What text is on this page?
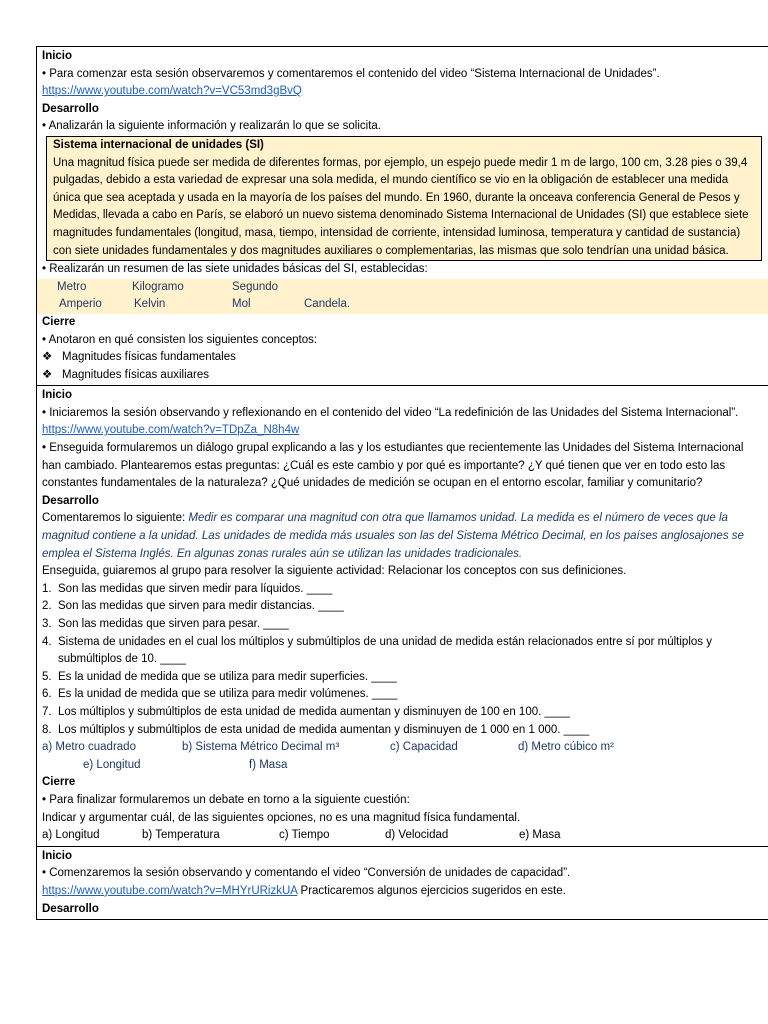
Inicio
• Para comenzar esta sesión observaremos y comentaremos el contenido del video “Sistema Internacional de Unidades”.
https://www.youtube.com/watch?v=VC53md3gBvQ
Desarrollo
• Analizarán la siguiente información y realizarán lo que se solicita.
Sistema internacional de unidades (SI)
Una magnitud física puede ser medida de diferentes formas, por ejemplo, un espejo puede medir 1 m de largo, 100 cm, 3.28 pies o 39,4 pulgadas, debido a esta variedad de expresar una sola medida, el mundo científico se vio en la obligación de establecer una medida única que sea aceptada y usada en la mayoría de los países del mundo. En 1960, durante la onceava conferencia General de Pesos y Medidas, llevada a cabo en París, se elaboró un nuevo sistema denominado Sistema Internacional de Unidades (SI) que establece siete magnitudes fundamentales (longitud, masa, tiempo, intensidad de corriente, intensidad luminosa, temperatura y cantidad de sustancia) con siete unidades fundamentales y dos magnitudes auxiliares o complementarias, las mismas que solo tendrían una unidad básica.
• Realizarán un resumen de las siete unidades básicas del SI, establecidas:
Metro	Kilogramo	Segundo
Amperio	Kelvin	Mol	Candela.
Cierre
• Anotaron en qué consisten los siguientes conceptos:
❖ Magnitudes físicas fundamentales
❖ Magnitudes físicas auxiliares
Inicio
• Iniciaremos la sesión observando y reflexionando en el contenido del video “La redefinición de las Unidades del Sistema Internacional”. https://www.youtube.com/watch?v=TDpZa_N8h4w
• Enseguida formularemos un diálogo grupal explicando a las y los estudiantes que recientemente las Unidades del Sistema Internacional han cambiado. Plantearemos estas preguntas: ¿Cuál es este cambio y por qué es importante? ¿Y qué tienen que ver en todo esto las constantes fundamentales de la naturaleza? ¿Qué unidades de medición se ocupan en el entorno escolar, familiar y comunitario?
Desarrollo
Comentaremos lo siguiente: Medir es comparar una magnitud con otra que llamamos unidad. La medida es el número de veces que la magnitud contiene a la unidad. Las unidades de medida más usuales son las del Sistema Métrico Decimal, en los países anglosajones se emplea el Sistema Inglés. En algunas zonas rurales aún se utilizan las unidades tradicionales.
Enseguida, guiaremos al grupo para resolver la siguiente actividad: Relacionar los conceptos con sus definiciones.
1. Son las medidas que sirven medir para líquidos. ____
2. Son las medidas que sirven para medir distancias. ____
3. Son las medidas que sirven para pesar. ____
4. Sistema de unidades en el cual los múltiplos y submúltiplos de una unidad de medida están relacionados entre sí por múltiplos y submúltiplos de 10. ____
5. Es la unidad de medida que se utiliza para medir superficies. ____
6. Es la unidad de medida que se utiliza para medir volúmenes. ____
7. Los múltiplos y submúltiplos de esta unidad de medida aumentan y disminuyen de 100 en 100. ____
8. Los múltiplos y submúltiplos de esta unidad de medida aumentan y disminuyen de 1 000 en 1 000. ____
a) Metro cuadrado	b) Sistema Métrico Decimal m³	c) Capacidad	d) Metro cúbico m²
e) Longitud	f) Masa
Cierre
• Para finalizar formularemos un debate en torno a la siguiente cuestión:
Indicar y argumentar cuál, de las siguientes opciones, no es una magnitud física fundamental.
a) Longitud	b) Temperatura	c) Tiempo	d) Velocidad	e) Masa
Inicio
• Comenzaremos la sesión observando y comentando el video “Conversión de unidades de capacidad”.
https://www.youtube.com/watch?v=MHYrURizkUA Practicaremos algunos ejercicios sugeridos en este.
Desarrollo
